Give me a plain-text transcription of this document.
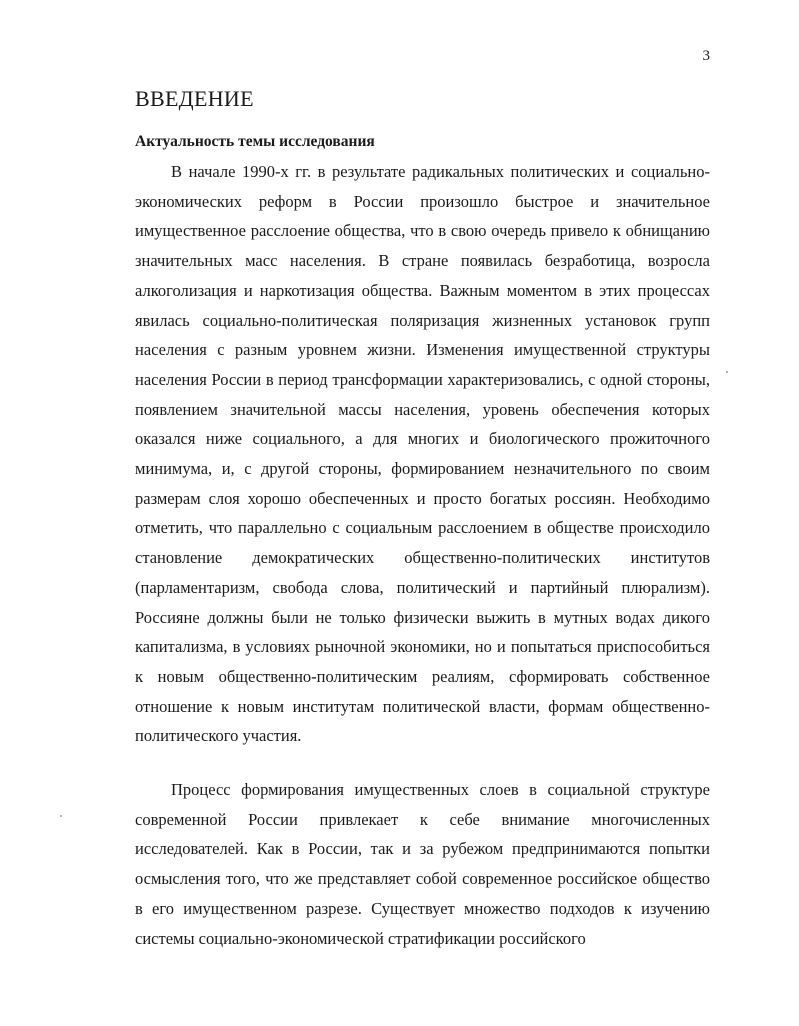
3
ВВЕДЕНИЕ
Актуальность темы исследования

В начале 1990-х гг. в результате радикальных политических и социально-экономических реформ в России произошло быстрое и значительное имущественное расслоение общества, что в свою очередь привело к обнищанию значительных масс населения. В стране появилась безработица, возросла алкоголизация и наркотизация общества. Важным моментом в этих процессах явилась социально-политическая поляризация жизненных установок групп населения с разным уровнем жизни. Изменения имущественной структуры населения России в период трансформации характеризовались, с одной стороны, появлением значительной массы населения, уровень обеспечения которых оказался ниже социального, а для многих и биологического прожиточного минимума, и, с другой стороны, формированием незначительного по своим размерам слоя хорошо обеспеченных и просто богатых россиян. Необходимо отметить, что параллельно с социальным расслоением в обществе происходило становление демократических общественно-политических институтов (парламентаризм, свобода слова, политический и партийный плюрализм). Россияне должны были не только физически выжить в мутных водах дикого капитализма, в условиях рыночной экономики, но и попытаться приспособиться к новым общественно-политическим реалиям, сформировать собственное отношение к новым институтам политической власти, формам общественно-политического участия.

Процесс формирования имущественных слоев в социальной структуре современной России привлекает к себе внимание многочисленных исследователей. Как в России, так и за рубежом предпринимаются попытки осмысления того, что же представляет собой современное российское общество в его имущественном разрезе. Существует множество подходов к изучению системы социально-экономической стратификации российского
